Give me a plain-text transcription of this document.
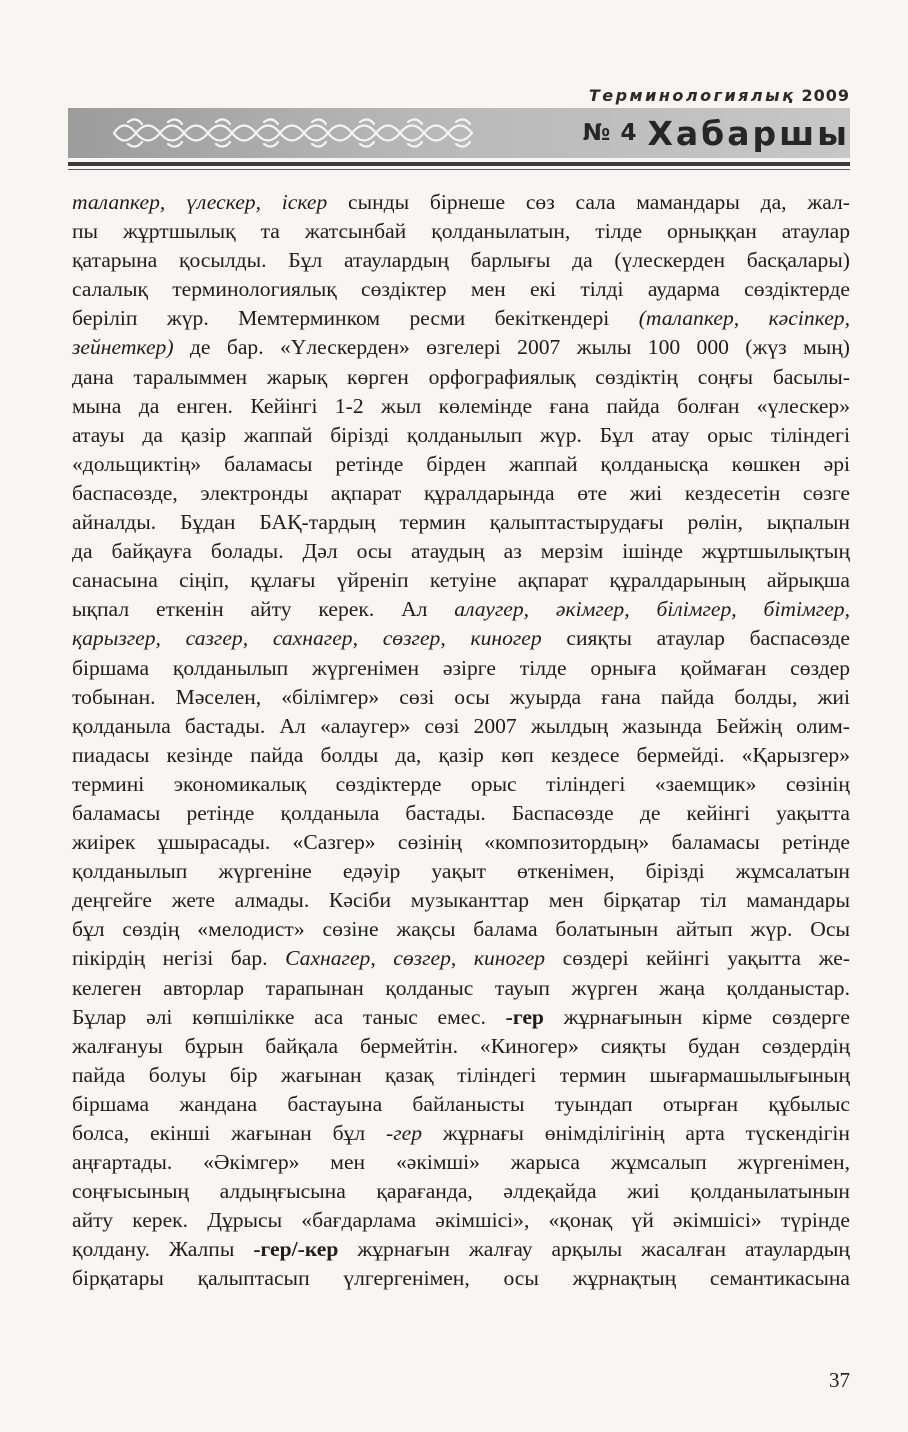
Терминологиялық 2009
№ 4 Хабаршы
талапкер, үлескер, іскер сынды бірнеше сөз сала мамандары да, жал-
пы жұртшылық та жатсынбай қолданылатын, тілде орныққан атаулар
қатарына қосылды. Бұл атаулардың барлығы да (үлескерден басқалары)
салалық терминологиялық сөздіктер мен екі тілді аударма сөздіктерде
беріліп жүр. Мемтерминком ресми бекіткендері (талапкер, кәсіпкер,
зейнеткер) де бар. «Үлескерден» өзгелері 2007 жылы 100 000 (жүз мың)
дана таралыммен жарық көрген орфографиялық сөздіктің соңғы басылы-
мына да енген. Кейінгі 1-2 жыл көлемінде ғана пайда болған «үлескер»
атауы да қазір жаппай бірізді қолданылып жүр. Бұл атау орыс тіліндегі
«дольщиктің» баламасы ретінде бірден жаппай қолданысқа көшкен әрі
баспасөзде, электронды ақпарат құралдарында өте жиі кездесетін сөзге
айналды. Бұдан БАҚ-тардың термин қалыптастырудағы рөлін, ықпалын
да байқауға болады. Дәл осы атаудың аз мерзім ішінде жұртшылықтың
санасына сіңіп, құлағы үйреніп кетуіне ақпарат құралдарының айрықша
ықпал еткенін айту керек. Ал алаугер, әкімгер, білімгер, бітімгер,
қарызгер, сазгер, сахнагер, сөзгер, киногер сияқты атаулар баспасөзде
біршама қолданылып жүргенімен әзірге тілде орнығa қоймаған сөздер
тобынан. Мәселен, «білімгер» сөзі осы жуырда ғана пайда болды, жиі
қолданыла бастады. Ал «алаугер» сөзі 2007 жылдың жазында Бейжің олим-
пиадасы кезінде пайда болды да, қазір көп кездесе бермейді. «Қарызгер»
термині экономикалық сөздіктерде орыс тіліндегі «заемщик» сөзінің
баламасы ретінде қолданыла бастады. Баспасөзде де кейінгі уақытта
жиірек ұшырасады. «Сазгер» сөзінің «композитордың» баламасы ретінде
қолданылып жүргеніне едәуір уақыт өткенімен, бірізді жұмсалатын
деңгейге жете алмады. Кәсіби музыканттар мен бірқатар тіл мамандары
бұл сөздің «мелодист» сөзіне жақсы балама болатынын айтып жүр. Осы
пікірдің негізі бар. Сахнагер, сөзгер, киногер сөздері кейінгі уақытта же-
келеген авторлар тарапынан қолданыс тауып жүрген жаңа қолданыстар.
Бұлар әлі көпшілікке аса таныс емес. -гер жұрнағынын кірме сөздерге
жалғануы бұрын байқала бермейтін. «Киногер» сияқты будан сөздердің
пайда болуы бір жағынан қазақ тіліндегі термин шығармашылығының
біршама жандана бастауына байланысты туындап отырған құбылыс
болса, екінші жағынан бұл -гер жұрнағы өнімділігінің арта түскендігін
аңғартады. «Әкімгер» мен «әкімші» жарыса жұмсалып жүргенімен,
соңғысының алдыңғысына қарағанда, әлдеқайда жиі қолданылатынын
айту керек. Дұрысы «бағдарлама әкімшісі», «қонақ үй әкімшісі» түрінде
қолдану. Жалпы -гер/-кер жұрнағын жалғау арқылы жасалған атаулардың
бірқатары қалыптасып үлгергенімен, осы жұрнақтың семантикасына
37
